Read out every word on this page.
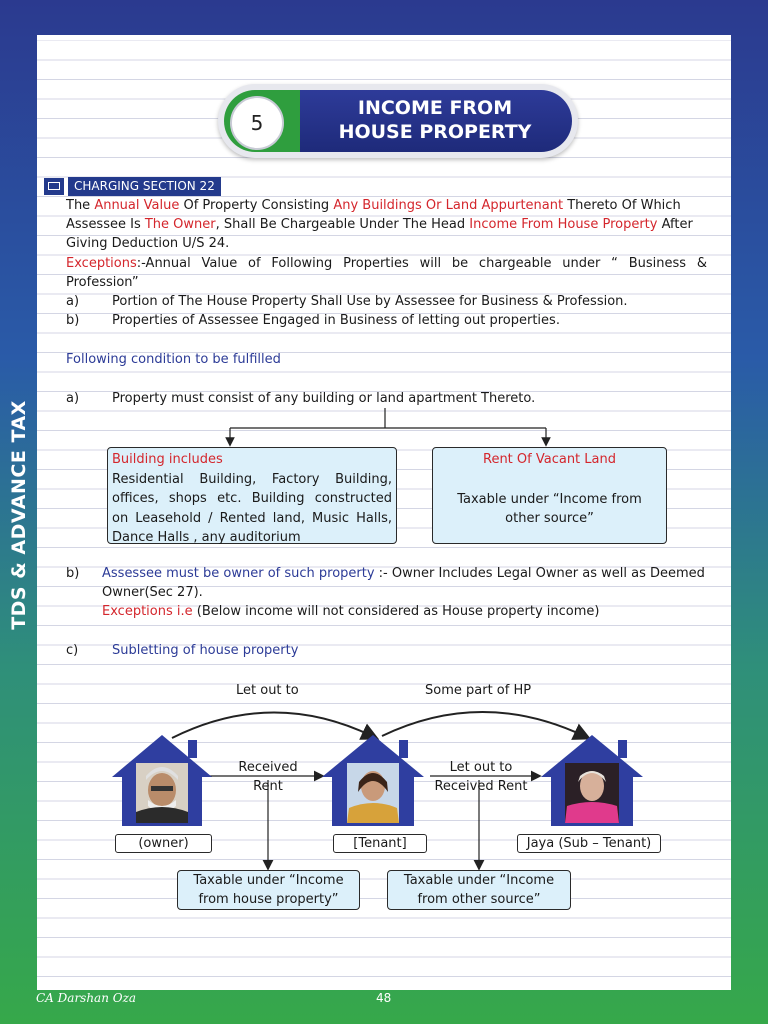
TDS & ADVANCE TAX
5
INCOME FROM
HOUSE PROPERTY
CHARGING SECTION 22
The Annual Value Of Property Consisting Any Buildings Or Land Appurtenant Thereto Of Which
Assessee Is The Owner, Shall Be Chargeable Under The Head Income From House Property After
Giving Deduction U/S 24.
Exceptions:-Annual Value of Following Properties will be chargeable under “ Business &
Profession”
a)	Portion of The House Property Shall Use by Assessee for Business & Profession.
b)	Properties of Assessee Engaged in Business of letting out properties.
Following condition to be fulfilled
a)	Property must consist of any building or land apartment Thereto.
Building includes
Residential Building, Factory Building,
offices, shops etc. Building constructed
on Leasehold / Rented land, Music Halls,
Dance Halls , any auditorium
Rent Of Vacant Land
Taxable under “Income from
other source”
b) Assessee must be owner of such property :- Owner Includes Legal Owner as well as Deemed
Owner(Sec 27).
Exceptions i.e (Below income will not considered as House property income)
c)	Subletting of house property
Let out to	Some part of HP
Received
Rent
Let out to
Received Rent
(owner)	[Tenant]	Jaya (Sub – Tenant)
Taxable under “Income
from house property”
Taxable under “Income
from other source”
CA Darshan Oza	48
